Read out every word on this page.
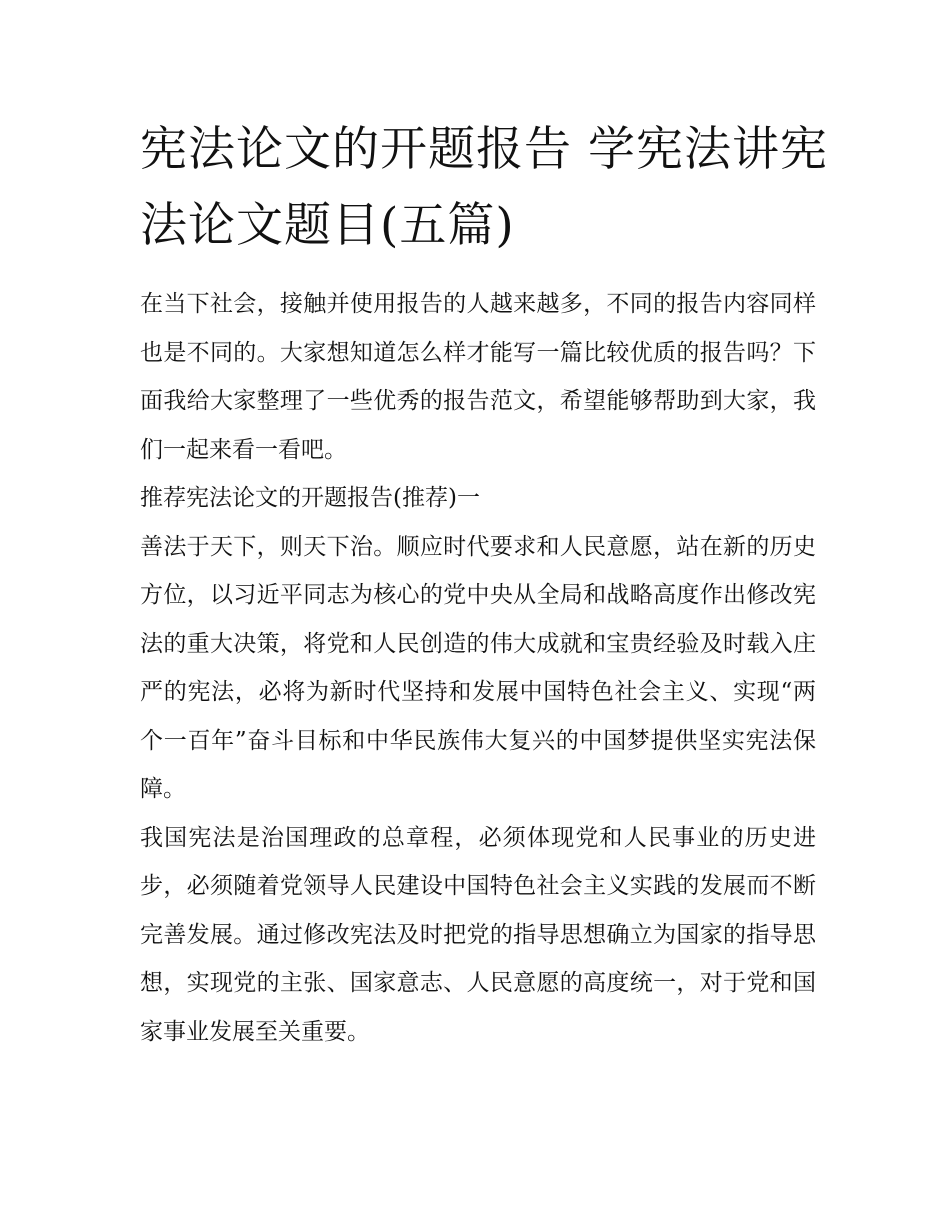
宪法论文的开题报告 学宪法讲宪法论文题目(五篇)

在当下社会，接触并使用报告的人越来越多，不同的报告内容同样也是不同的。大家想知道怎么样才能写一篇比较优质的报告吗？下面我给大家整理了一些优秀的报告范文，希望能够帮助到大家，我们一起来看一看吧。

推荐宪法论文的开题报告(推荐)一

善法于天下，则天下治。顺应时代要求和人民意愿，站在新的历史方位，以习近平同志为核心的党中央从全局和战略高度作出修改宪法的重大决策，将党和人民创造的伟大成就和宝贵经验及时载入庄严的宪法，必将为新时代坚持和发展中国特色社会主义、实现“两个一百年”奋斗目标和中华民族伟大复兴的中国梦提供坚实宪法保障。

我国宪法是治国理政的总章程，必须体现党和人民事业的历史进步，必须随着党领导人民建设中国特色社会主义实践的发展而不断完善发展。通过修改宪法及时把党的指导思想确立为国家的指导思想，实现党的主张、国家意志、人民意愿的高度统一，对于党和国家事业发展至关重要。
